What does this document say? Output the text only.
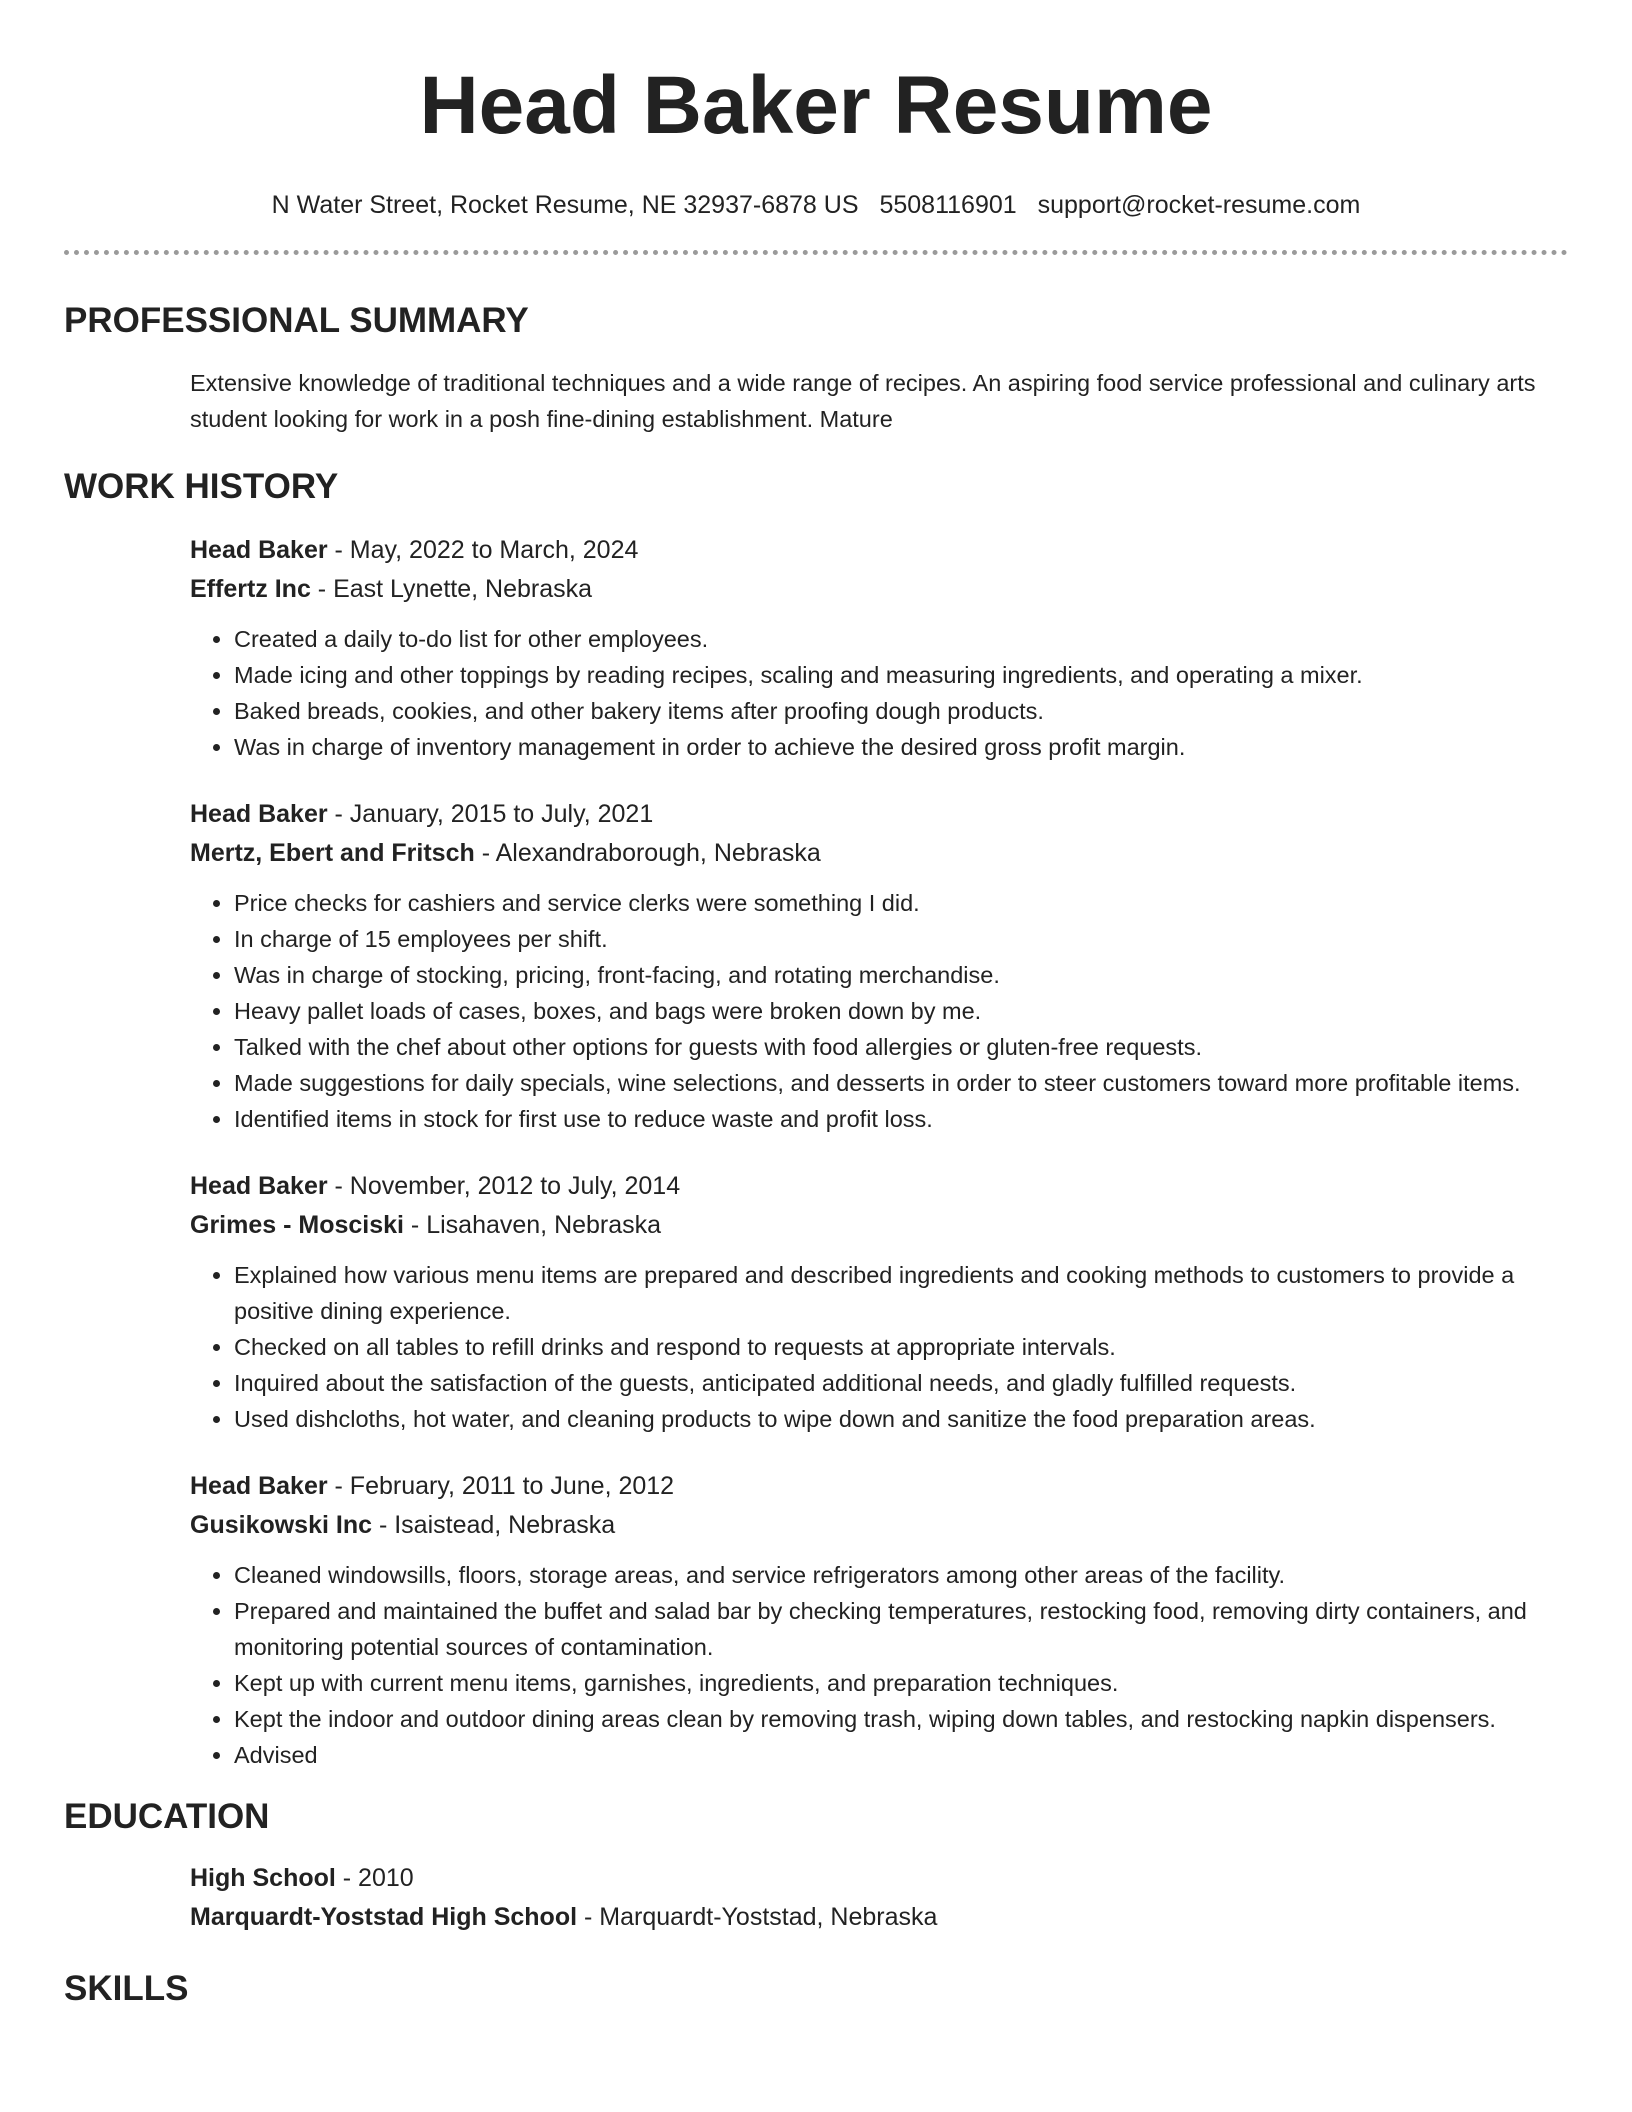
Head Baker Resume
N Water Street, Rocket Resume, NE 32937-6878 US 5508116901 support@rocket-resume.com
PROFESSIONAL SUMMARY
Extensive knowledge of traditional techniques and a wide range of recipes. An aspiring food service professional and culinary arts student looking for work in a posh fine-dining establishment. Mature
WORK HISTORY
Head Baker - May, 2022 to March, 2024
Effertz Inc - East Lynette, Nebraska
• Created a daily to-do list for other employees.
• Made icing and other toppings by reading recipes, scaling and measuring ingredients, and operating a mixer.
• Baked breads, cookies, and other bakery items after proofing dough products.
• Was in charge of inventory management in order to achieve the desired gross profit margin.
Head Baker - January, 2015 to July, 2021
Mertz, Ebert and Fritsch - Alexandraborough, Nebraska
• Price checks for cashiers and service clerks were something I did.
• In charge of 15 employees per shift.
• Was in charge of stocking, pricing, front-facing, and rotating merchandise.
• Heavy pallet loads of cases, boxes, and bags were broken down by me.
• Talked with the chef about other options for guests with food allergies or gluten-free requests.
• Made suggestions for daily specials, wine selections, and desserts in order to steer customers toward more profitable items.
• Identified items in stock for first use to reduce waste and profit loss.
Head Baker - November, 2012 to July, 2014
Grimes - Mosciski - Lisahaven, Nebraska
• Explained how various menu items are prepared and described ingredients and cooking methods to customers to provide a positive dining experience.
• Checked on all tables to refill drinks and respond to requests at appropriate intervals.
• Inquired about the satisfaction of the guests, anticipated additional needs, and gladly fulfilled requests.
• Used dishcloths, hot water, and cleaning products to wipe down and sanitize the food preparation areas.
Head Baker - February, 2011 to June, 2012
Gusikowski Inc - Isaistead, Nebraska
• Cleaned windowsills, floors, storage areas, and service refrigerators among other areas of the facility.
• Prepared and maintained the buffet and salad bar by checking temperatures, restocking food, removing dirty containers, and monitoring potential sources of contamination.
• Kept up with current menu items, garnishes, ingredients, and preparation techniques.
• Kept the indoor and outdoor dining areas clean by removing trash, wiping down tables, and restocking napkin dispensers.
• Advised
EDUCATION
High School - 2010
Marquardt-Yoststad High School - Marquardt-Yoststad, Nebraska
SKILLS
